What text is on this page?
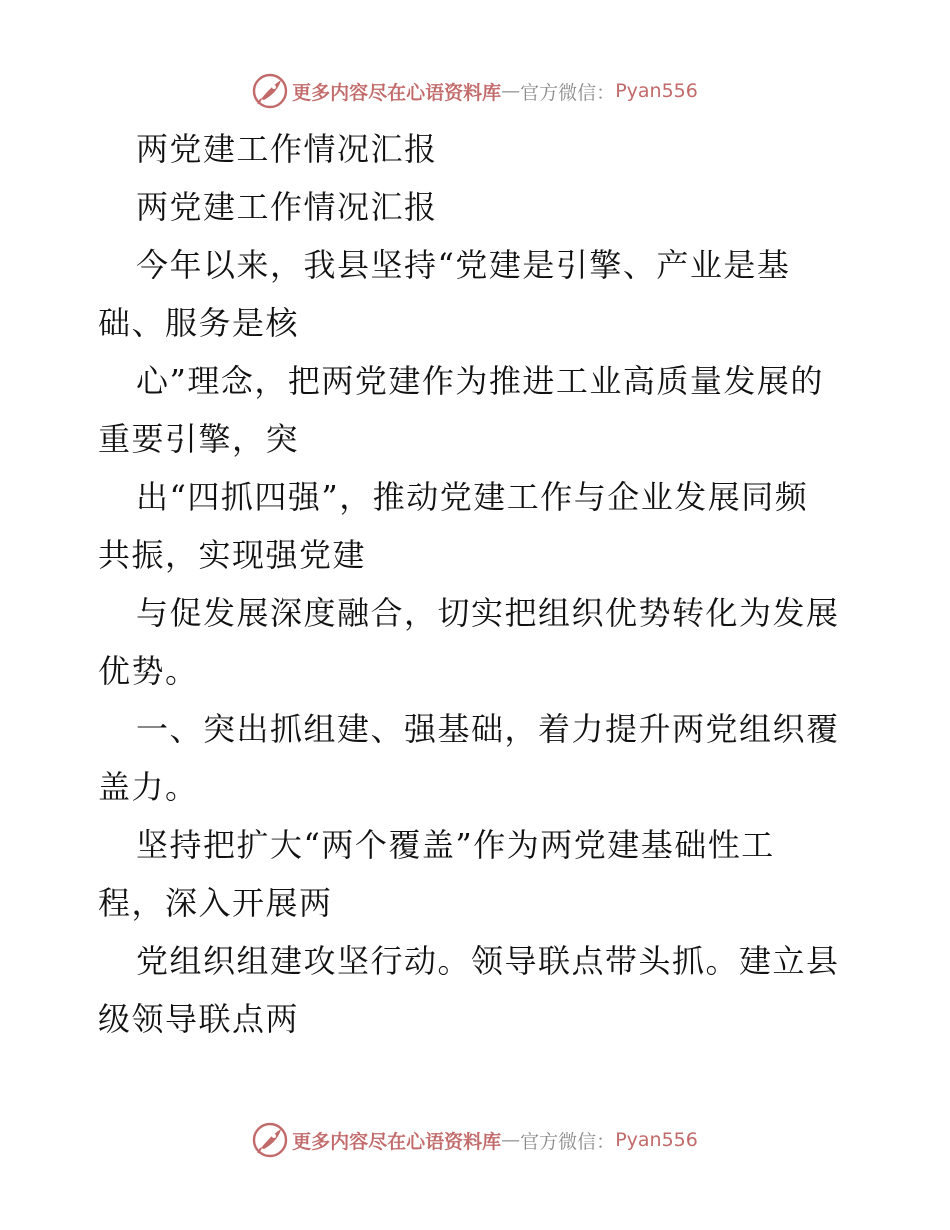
更多内容尽在心语资料库 — 官方微信： Pyan556
两党建工作情况汇报
两党建工作情况汇报
今年以来，我县坚持“党建是引擎、产业是基
础、服务是核
心”理念，把两党建作为推进工业高质量发展的
重要引擎，突
出“四抓四强”，推动党建工作与企业发展同频
共振，实现强党建
与促发展深度融合，切实把组织优势转化为发展
优势。
一、突出抓组建、强基础，着力提升两党组织覆
盖力。
坚持把扩大“两个覆盖”作为两党建基础性工
程，深入开展两
党组织组建攻坚行动。领导联点带头抓。建立县
级领导联点两
更多内容尽在心语资料库 — 官方微信： Pyan556
